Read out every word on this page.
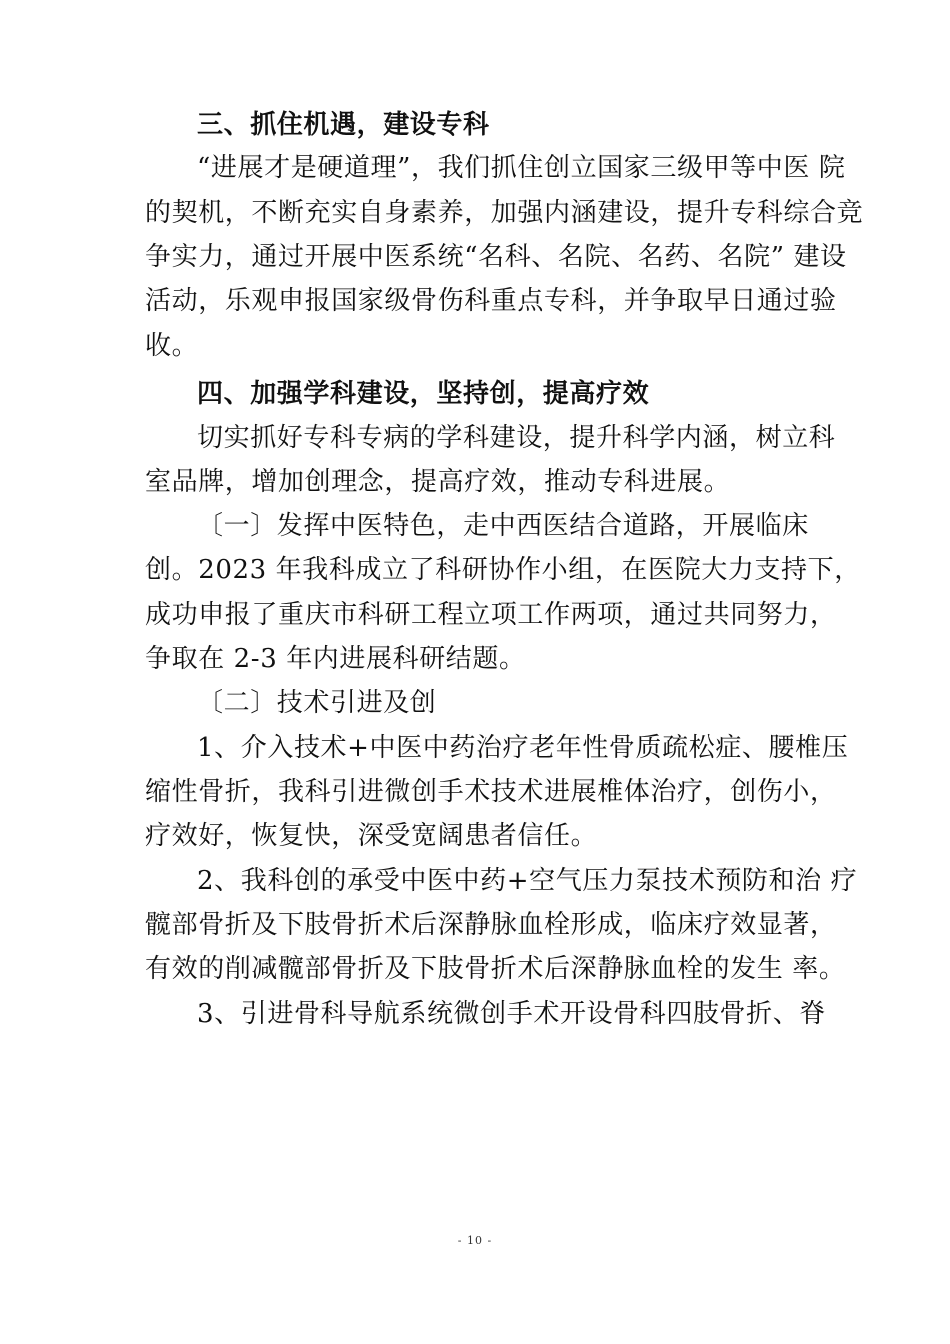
三、抓住机遇，建设专科
“进展才是硬道理”，我们抓住创立国家三级甲等中医 院
的契机，不断充实自身素养，加强内涵建设，提升专科综合竞
争实力，通过开展中医系统“名科、名院、名药、名院” 建设
活动，乐观申报国家级骨伤科重点专科，并争取早日通过验
收。
四、加强学科建设，坚持创，提高疗效
切实抓好专科专病的学科建设，提升科学内涵，树立科
室品牌，增加创理念，提高疗效，推动专科进展。
〔一〕发挥中医特色，走中西医结合道路，开展临床
创。2023 年我科成立了科研协作小组，在医院大力支持下，
成功申报了重庆市科研工程立项工作两项，通过共同努力，
争取在 2-3 年内进展科研结题。
〔二〕技术引进及创
1、介入技术+中医中药治疗老年性骨质疏松症、腰椎压
缩性骨折，我科引进微创手术技术进展椎体治疗，创伤小，
疗效好，恢复快，深受宽阔患者信任。
2、我科创的承受中医中药+空气压力泵技术预防和治 疗
髋部骨折及下肢骨折术后深静脉血栓形成，临床疗效显著，
有效的削减髋部骨折及下肢骨折术后深静脉血栓的发生 率。
3、引进骨科导航系统微创手术开设骨科四肢骨折、脊
- 10 -
